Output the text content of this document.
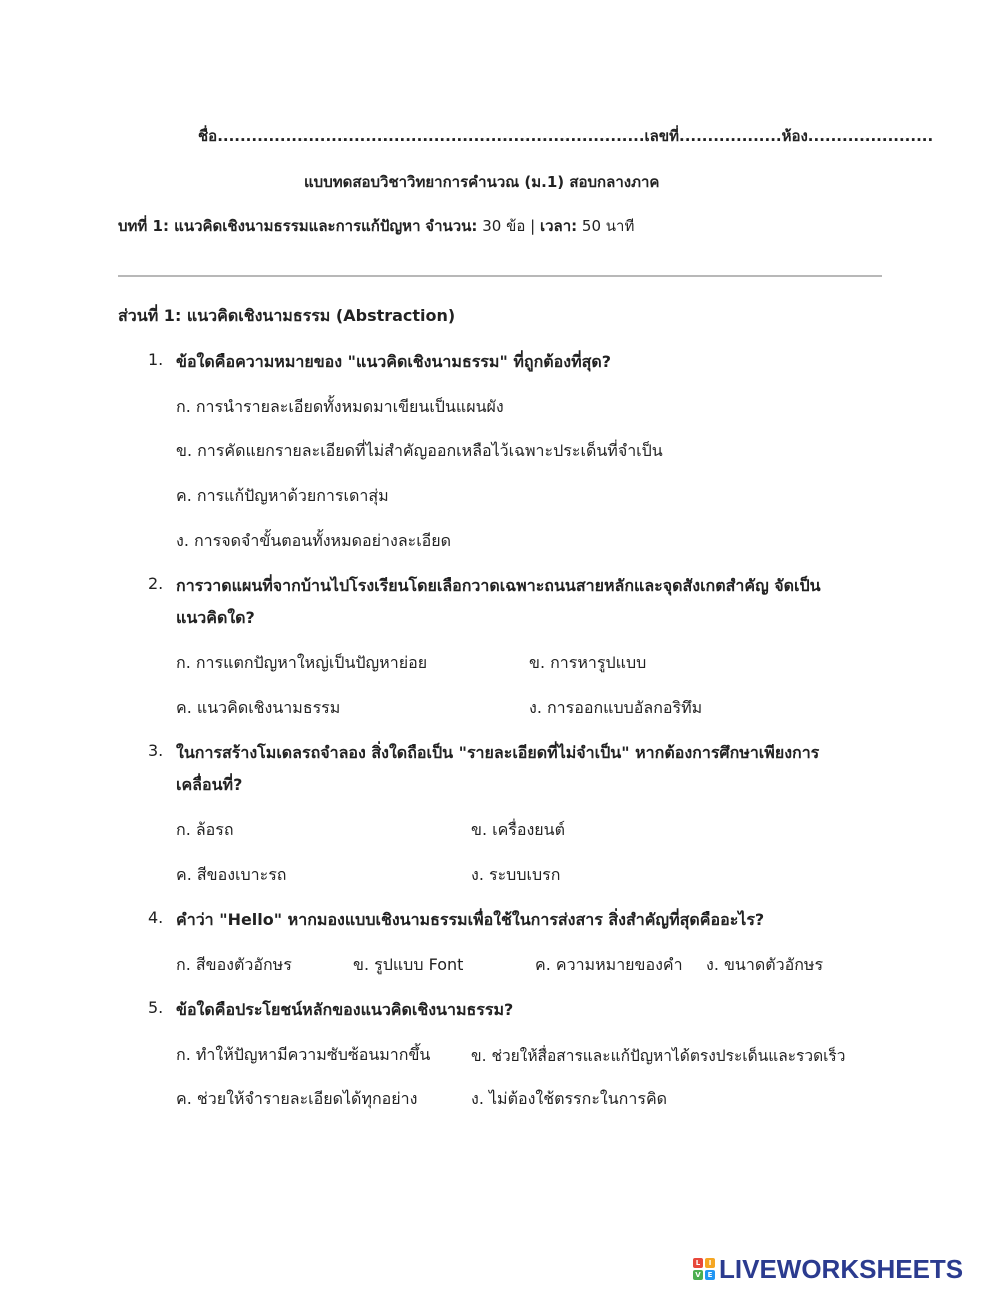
ชื่อ...........................................................................เลขที่..................ห้อง......................
แบบทดสอบวิชาวิทยาการคำนวณ (ม.1) สอบกลางภาค
บทที่ 1: แนวคิดเชิงนามธรรมและการแก้ปัญหา จำนวน: 30 ข้อ | เวลา: 50 นาที
ส่วนที่ 1: แนวคิดเชิงนามธรรม (Abstraction)
1. ข้อใดคือความหมายของ "แนวคิดเชิงนามธรรม" ที่ถูกต้องที่สุด?
ก. การนำรายละเอียดทั้งหมดมาเขียนเป็นแผนผัง
ข. การคัดแยกรายละเอียดที่ไม่สำคัญออกเหลือไว้เฉพาะประเด็นที่จำเป็น
ค. การแก้ปัญหาด้วยการเดาสุ่ม
ง. การจดจำขั้นตอนทั้งหมดอย่างละเอียด
2. การวาดแผนที่จากบ้านไปโรงเรียนโดยเลือกวาดเฉพาะถนนสายหลักและจุดสังเกตสำคัญ จัดเป็น
แนวคิดใด?
ก. การแตกปัญหาใหญ่เป็นปัญหาย่อย	ข. การหารูปแบบ
ค. แนวคิดเชิงนามธรรม	ง. การออกแบบอัลกอริทึม
3. ในการสร้างโมเดลรถจำลอง สิ่งใดถือเป็น "รายละเอียดที่ไม่จำเป็น" หากต้องการศึกษาเพียงการ
เคลื่อนที่?
ก. ล้อรถ	ข. เครื่องยนต์
ค. สีของเบาะรถ	ง. ระบบเบรก
4. คำว่า "Hello" หากมองแบบเชิงนามธรรมเพื่อใช้ในการส่งสาร สิ่งสำคัญที่สุดคืออะไร?
ก. สีของตัวอักษร	ข. รูปแบบ Font	ค. ความหมายของคำ ง. ขนาดตัวอักษร
5. ข้อใดคือประโยชน์หลักของแนวคิดเชิงนามธรรม?
ก. ทำให้ปัญหามีความซับซ้อนมากขึ้น	ข. ช่วยให้สื่อสารและแก้ปัญหาได้ตรงประเด็นและรวดเร็ว
ค. ช่วยให้จำรายละเอียดได้ทุกอย่าง	ง. ไม่ต้องใช้ตรรกะในการคิด
L	I
V E LIVEWORKSHEETS
